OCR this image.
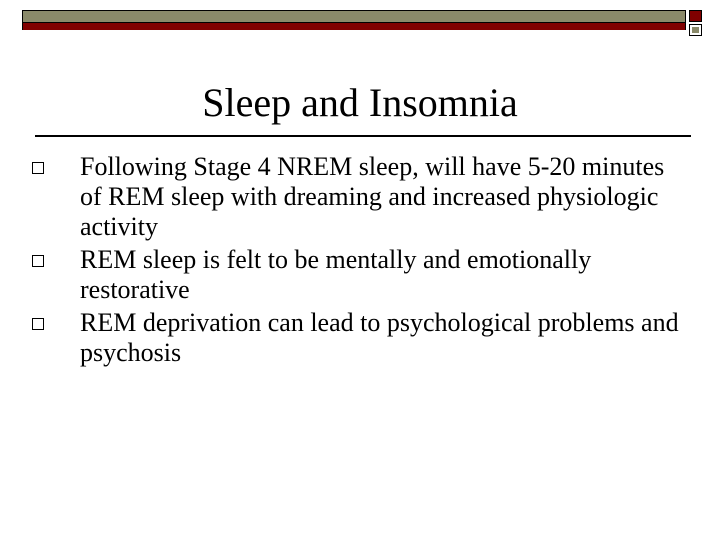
Sleep and Insomnia
Following Stage 4 NREM sleep, will have 5-20 minutes of REM sleep with dreaming and increased physiologic activity
REM sleep is felt to be mentally and emotionally restorative
REM deprivation can lead to psychological problems and psychosis
